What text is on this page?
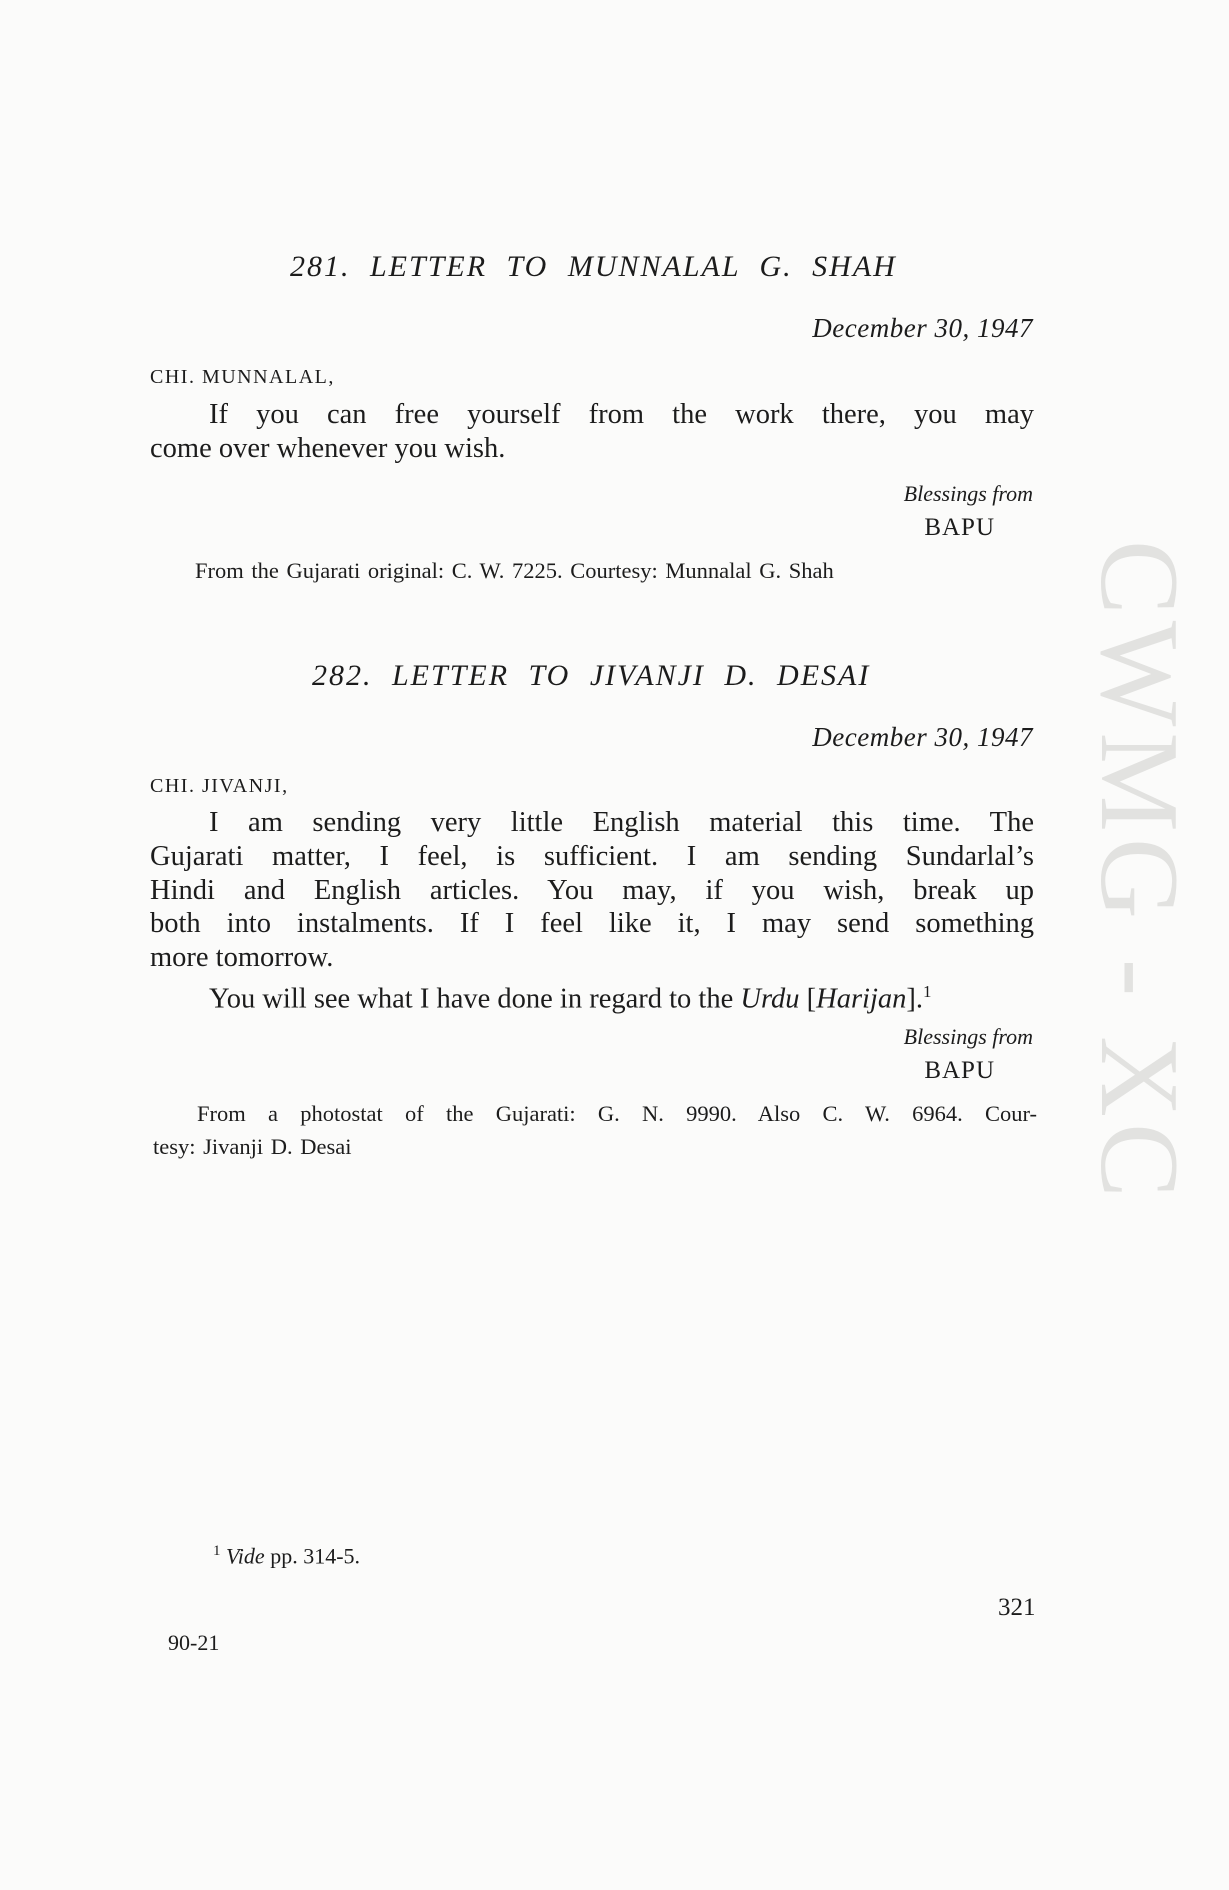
CWMG - XC
281. LETTER TO MUNNALAL G. SHAH
December 30, 1947
CHI. MUNNALAL,
If you can free yourself from the work there, you may
come over whenever you wish.
Blessings from
BAPU
From the Gujarati original: C. W. 7225. Courtesy: Munnalal G. Shah
282. LETTER TO JIVANJI D. DESAI
December 30, 1947
CHI. JIVANJI,
I am sending very little English material this time. The
Gujarati matter, I feel, is sufficient. I am sending Sundarlal’s
Hindi and English articles. You may, if you wish, break up
both into instalments. If I feel like it, I may send something
more tomorrow.
You will see what I have done in regard to the Urdu [Harijan].$^1$
Blessings from
BAPU
From a photostat of the Gujarati: G. N. 9990. Also C. W. 6964. Cour-
tesy: Jivanji D. Desai
$^1$ Vide pp. 314-5.
321
90-21
